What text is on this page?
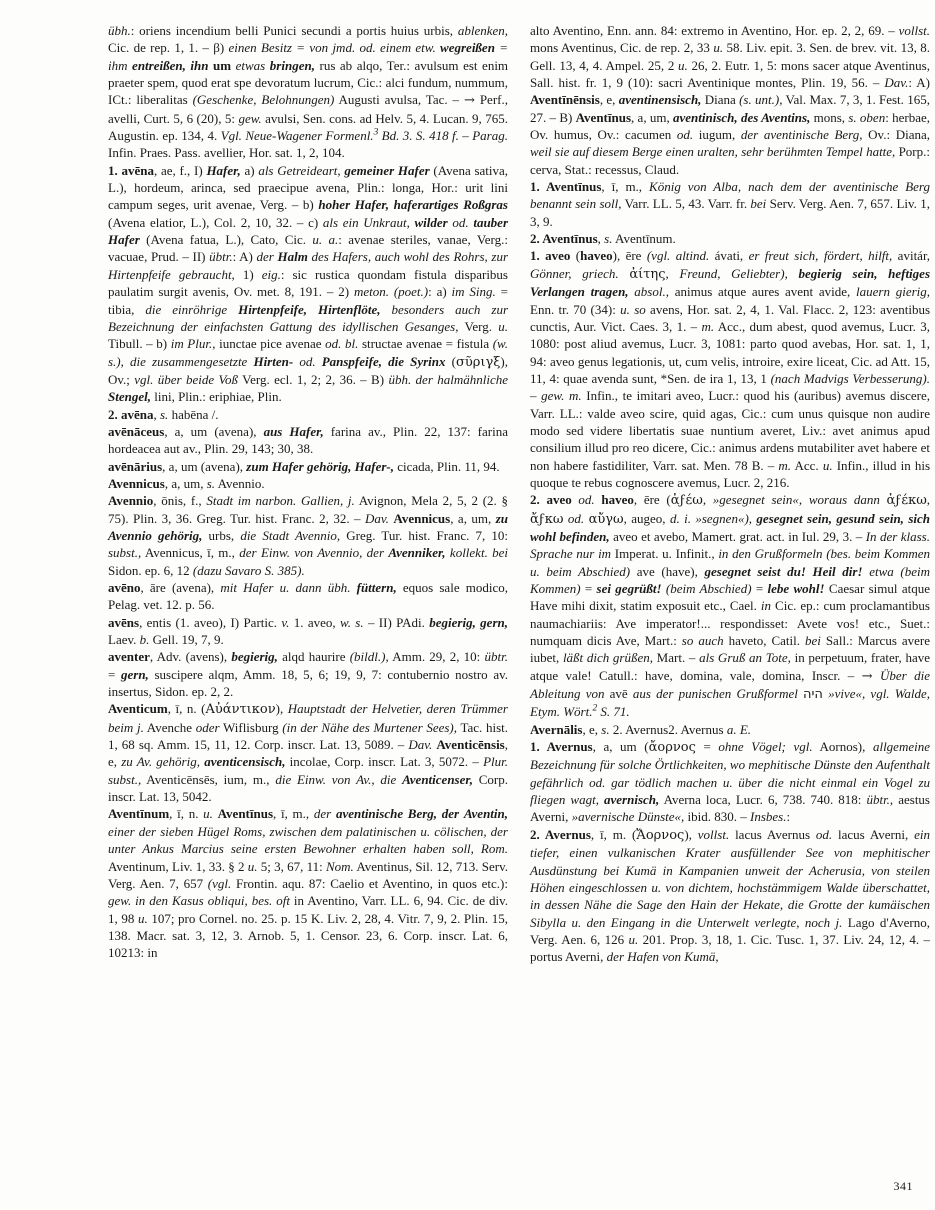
übh.: oriens incendium belli Punici secundi a portis huius urbis, ablenken, Cic. de rep. 1, 1. – β) einen Besitz = von jmd. od. einem etw. wegreißen = ihm entreißen, ihn um etwas bringen, rus ab alqo, Ter.: avulsum est enim praeter spem, quod erat spe devoratum lucrum, Cic.: alci fundum, nummum, ICt.: liberalitas (Geschenke, Belohnungen) Augusti avulsa, Tac. – → Perf., avelli, Curt. 5, 6 (20), 5: gew. avulsi, Sen. cons. ad Helv. 5, 4. Lucan. 9, 765. Augustin. ep. 134, 4. Vgl. Neue-Wagener Formenl.$^3$ Bd. 3. S. 418 f. – Parag. Infin. Praes. Pass. avellier, Hor. sat. 1, 2, 104.

1. avēna, ae, f., I) Hafer, a) als Getreideart, gemeiner Hafer (Avena sativa, L.), hordeum, arinca, sed praecipue avena, Plin.: longa, Hor.: urit lini campum seges, urit avenae, Verg. – b) hoher Hafer, haferartiges Roßgras (Avena elatior, L.), Col. 2, 10, 32. – c) als ein Unkraut, wilder od. tauber Hafer (Avena fatua, L.), Cato, Cic. u. a.: avenae steriles, vanae, Verg.: vacuae, Prud. – II) übtr.: A) der Halm des Hafers, auch wohl des Rohrs, zur Hirtenpfeife gebraucht, 1) eig.: sic rustica quondam fistula disparibus paulatim surgit avenis, Ov. met. 8, 191. – 2) meton. (poet.): a) im Sing. = tibia, die einröhrige Hirtenpfeife, Hirtenflöte, besonders auch zur Bezeichnung der einfachsten Gattung des idyllischen Gesanges, Verg. u. Tibull. – b) im Plur., iunctae pice avenae od. bl. structae avenae = fistula (w. s.), die zusammengesetzte Hirten- od. Panspfeife, die Syrinx (σῦριγξ), Ov.; vgl. über beide Voß Verg. ecl. 1, 2; 2, 36. – B) übh. der halmähnliche Stengel, lini, Plin.: eriphiae, Plin.

2. avēna, s. habēna /.

avēnāceus, a, um (avena), aus Hafer, farina av., Plin. 22, 137: farina hordeacea aut av., Plin. 29, 143; 30, 38.

avēnārius, a, um (avena), zum Hafer gehörig, Hafer-, cicada, Plin. 11, 94.

Avennicus, a, um, s. Avennio.

Avennio, ōnis, f., Stadt im narbon. Gallien, j. Avignon, Mela 2, 5, 2 (2. § 75). Plin. 3, 36. Greg. Tur. hist. Franc. 2, 32. – Dav. Avennicus, a, um, zu Avennio gehörig, urbs, die Stadt Avennio, Greg. Tur. hist. Franc. 7, 10: subst., Avennicus, ī, m., der Einw. von Avennio, der Avenniker, kollekt. bei Sidon. ep. 6, 12 (dazu Savaro S. 385).

avēno, āre (avena), mit Hafer u. dann übh. füttern, equos sale modico, Pelag. vet. 12. p. 56.

avēns, entis (1. aveo), I) Partic. v. 1. aveo, w. s. – II) PAdi. begierig, gern, Laev. b. Gell. 19, 7, 9.

aventer, Adv. (avens), begierig, alqd haurire (bildl.), Amm. 29, 2, 10: übtr. = gern, suscipere alqm, Amm. 18, 5, 6; 19, 9, 7: contubernio nostro av. insertus, Sidon. ep. 2, 2.

Aventicum, ī, n. (Αὐάντικον), Hauptstadt der Helvetier, deren Trümmer beim j. Avenche oder Wiflisburg (in der Nähe des Murtener Sees), Tac. hist. 1, 68 sq. Amm. 15, 11, 12. Corp. inscr. Lat. 13, 5089. – Dav. Aventicēnsis, e, zu Av. gehörig, aventicensisch, incolae, Corp. inscr. Lat. 3, 5072. – Plur. subst., Aventicēnsēs, ium, m., die Einw. von Av., die Aventicenser, Corp. inscr. Lat. 13, 5042.

Aventīnum, ī, n. u. Aventīnus, ī, m., der aventinische Berg, der Aventin, einer der sieben Hügel Roms, zwischen dem palatinischen u. cölischen, der unter Ankus Marcius seine ersten Bewohner erhalten haben soll, Rom. Aventinum, Liv. 1, 33. § 2 u. 5; 3, 67, 11: Nom. Aventinus, Sil. 12, 713. Serv. Verg. Aen. 7, 657 (vgl. Frontin. aqu. 87: Caelio et Aventino, in quos etc.): gew. in den Kasus obliqui, bes. oft in Aventino, Varr. LL. 6, 94. Cic. de div. 1, 98 u. 107; pro Cornel. no. 25. p. 15 K. Liv. 2, 28, 4. Vitr. 7, 9, 2. Plin. 15, 138. Macr. sat. 3, 12, 3. Arnob. 5, 1. Censor. 23, 6. Corp. inscr. Lat. 6, 10213: in

alto Aventino, Enn. ann. 84: extremo in Aventino, Hor. ep. 2, 2, 69. – vollst. mons Aventinus, Cic. de rep. 2, 33 u. 58. Liv. epit. 3. Sen. de brev. vit. 13, 8. Gell. 13, 4, 4. Ampel. 25, 2 u. 26, 2. Eutr. 1, 5: mons sacer atque Aventinus, Sall. hist. fr. 1, 9 (10): sacri Aventinique montes, Plin. 19, 56. – Dav.: A) Aventīnēnsis, e, aventinensisch, Diana (s. unt.), Val. Max. 7, 3, 1. Fest. 165, 27. – B) Aventīnus, a, um, aventinisch, des Aventins, mons, s. oben: herbae, Ov. humus, Ov.: cacumen od. iugum, der aventinische Berg, Ov.: Diana, weil sie auf diesem Berge einen uralten, sehr berühmten Tempel hatte, Porp.: cerva, Stat.: recessus, Claud.

1. Aventīnus, ī, m., König von Alba, nach dem der aventinische Berg benannt sein soll, Varr. LL. 5, 43. Varr. fr. bei Serv. Verg. Aen. 7, 657. Liv. 1, 3, 9.

2. Aventīnus, s. Aventīnum.

1. aveo (haveo), ēre (vgl. altind. ávati, er freut sich, fördert, hilft, avitár, Gönner, griech. ἀίτης, Freund, Geliebter), begierig sein, heftiges Verlangen tragen, absol., animus atque aures avent avide, lauern gierig, Enn. tr. 70 (34): u. so avens, Hor. sat. 2, 4, 1. Val. Flacc. 2, 123: aventibus cunctis, Aur. Vict. Caes. 3, 1. – m. Acc., dum abest, quod avemus, Lucr. 3, 1080: post aliud avemus, Lucr. 3, 1081: parto quod avebas, Hor. sat. 1, 1, 94: aveo genus legationis, ut, cum velis, introire, exire liceat, Cic. ad Att. 15, 11, 4: quae avenda sunt, *Sen. de ira 1, 13, 1 (nach Madvigs Verbesserung). – gew. m. Infin., te imitari aveo, Lucr.: quod his (auribus) avemus discere, Varr. LL.: valde aveo scire, quid agas, Cic.: cum unus quisque non audire modo sed videre libertatis suae nuntium averet, Liv.: avet animus apud consilium illud pro reo dicere, Cic.: animus ardens mutabiliter avet habere et non habere fastidiliter, Varr. sat. Men. 78 B. – m. Acc. u. Infin., illud in his quoque te rebus cognoscere avemus, Lucr. 2, 216.

2. aveo od. haveo, ēre (ἀϝέω, »gesegnet sein«, woraus dann ἀϝέκω, ἄϝκω od. αὔγω, augeo, d. i. »segnen«), gesegnet sein, gesund sein, sich wohl befinden, aveo et avebo, Mamert. grat. act. in Iul. 29, 3. – In der klass. Sprache nur im Imperat. u. Infinit., in den Grußformeln (bes. beim Kommen u. beim Abschied) ave (have), gesegnet seist du! Heil dir! etwa (beim Kommen) = sei gegrüßt! (beim Abschied) = lebe wohl! Caesar simul atque Have mihi dixit, statim exposuit etc., Cael. in Cic. ep.: cum proclamantibus naumachiariis: Ave imperator!... respondisset: Avete vos! etc., Suet.: numquam dicis Ave, Mart.: so auch haveto, Catil. bei Sall.: Marcus avere iubet, läßt dich grüßen, Mart. – als Gruß an Tote, in perpetuum, frater, have atque vale! Catull.: have, domina, vale, domina, Inscr. – → Über die Ableitung von avē aus der punischen Grußformel היה »vive«, vgl. Walde, Etym. Wört.$^2$ S. 71.

Avernālis, e, s. 2. Avernus2. Avernus a. E.

1. Avernus, a, um (ἄορνος = ohne Vögel; vgl. Aornos), allgemeine Bezeichnung für solche Örtlichkeiten, wo mephitische Dünste den Aufenthalt gefährlich od. gar tödlich machen u. über die nicht einmal ein Vogel zu fliegen wagt, avernisch, Averna loca, Lucr. 6, 738. 740. 818: übtr., aestus Averni, »avernische Dünste«, ibid. 830. – Insbes.:

2. Avernus, ī, m. (Ἄορνος), vollst. lacus Avernus od. lacus Averni, ein tiefer, einen vulkanischen Krater ausfüllender See von mephitischer Ausdünstung bei Kumä in Kampanien unweit der Acherusia, von steilen Höhen eingeschlossen u. von dichtem, hochstämmigem Walde überschattet, in dessen Nähe die Sage den Hain der Hekate, die Grotte der kumäischen Sibylla u. den Eingang in die Unterwelt verlegte, noch j. Lago d'Averno, Verg. Aen. 6, 126 u. 201. Prop. 3, 18, 1. Cic. Tusc. 1, 37. Liv. 24, 12, 4. – portus Averni, der Hafen von Kumä,

341
